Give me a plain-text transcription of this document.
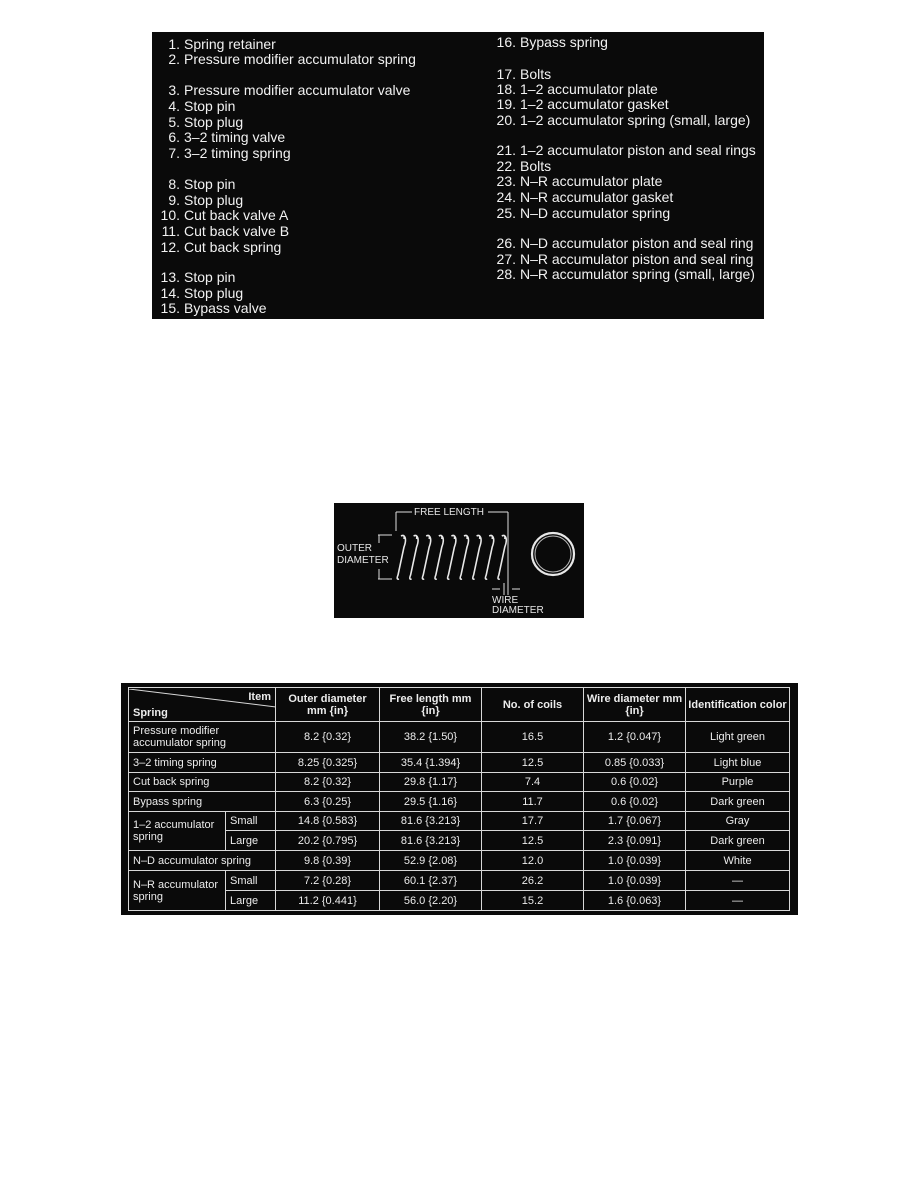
1. Spring retainer
2. Pressure modifier accumulator spring
3. Pressure modifier accumulator valve
4. Stop pin
5. Stop plug
6. 3–2 timing valve
7. 3–2 timing spring
8. Stop pin
9. Stop plug
10. Cut back valve A
11. Cut back valve B
12. Cut back spring
13. Stop pin
14. Stop plug
15. Bypass valve
16. Bypass spring
17. Bolts
18. 1–2 accumulator plate
19. 1–2 accumulator gasket
20. 1–2 accumulator spring (small, large)
21. 1–2 accumulator piston and seal rings
22. Bolts
23. N–R accumulator plate
24. N–R accumulator gasket
25. N–D accumulator spring
26. N–D accumulator piston and seal ring
27. N–R accumulator piston and seal ring
28. N–R accumulator spring (small, large)
FREE LENGTH
OUTER
DIAMETER
WIRE
DIAMETER
Item
Spring		Outer diameter mm {in}	Free length mm {in}	No. of coils	Wire diameter mm {in}	Identification color
Pressure modifier accumulator spring		8.2 {0.32}	38.2 {1.50}	16.5	1.2 {0.047}	Light green
3–2 timing spring		8.25 {0.325}	35.4 {1.394}	12.5	0.85 {0.033}	Light blue
Cut back spring		8.2 {0.32}	29.8 {1.17}	7.4	0.6 {0.02}	Purple
Bypass spring		6.3 {0.25}	29.5 {1.16}	11.7	0.6 {0.02}	Dark green
1–2 accumulator spring	Small	14.8 {0.583}	81.6 {3.213}	17.7	1.7 {0.067}	Gray
	Large	20.2 {0.795}	81.6 {3.213}	12.5	2.3 {0.091}	Dark green
N–D accumulator spring		9.8 {0.39}	52.9 {2.08}	12.0	1.0 {0.039}	White
N–R accumulator spring	Small	7.2 {0.28}	60.1 {2.37}	26.2	1.0 {0.039}	—
	Large	11.2 {0.441}	56.0 {2.20}	15.2	1.6 {0.063}	—
